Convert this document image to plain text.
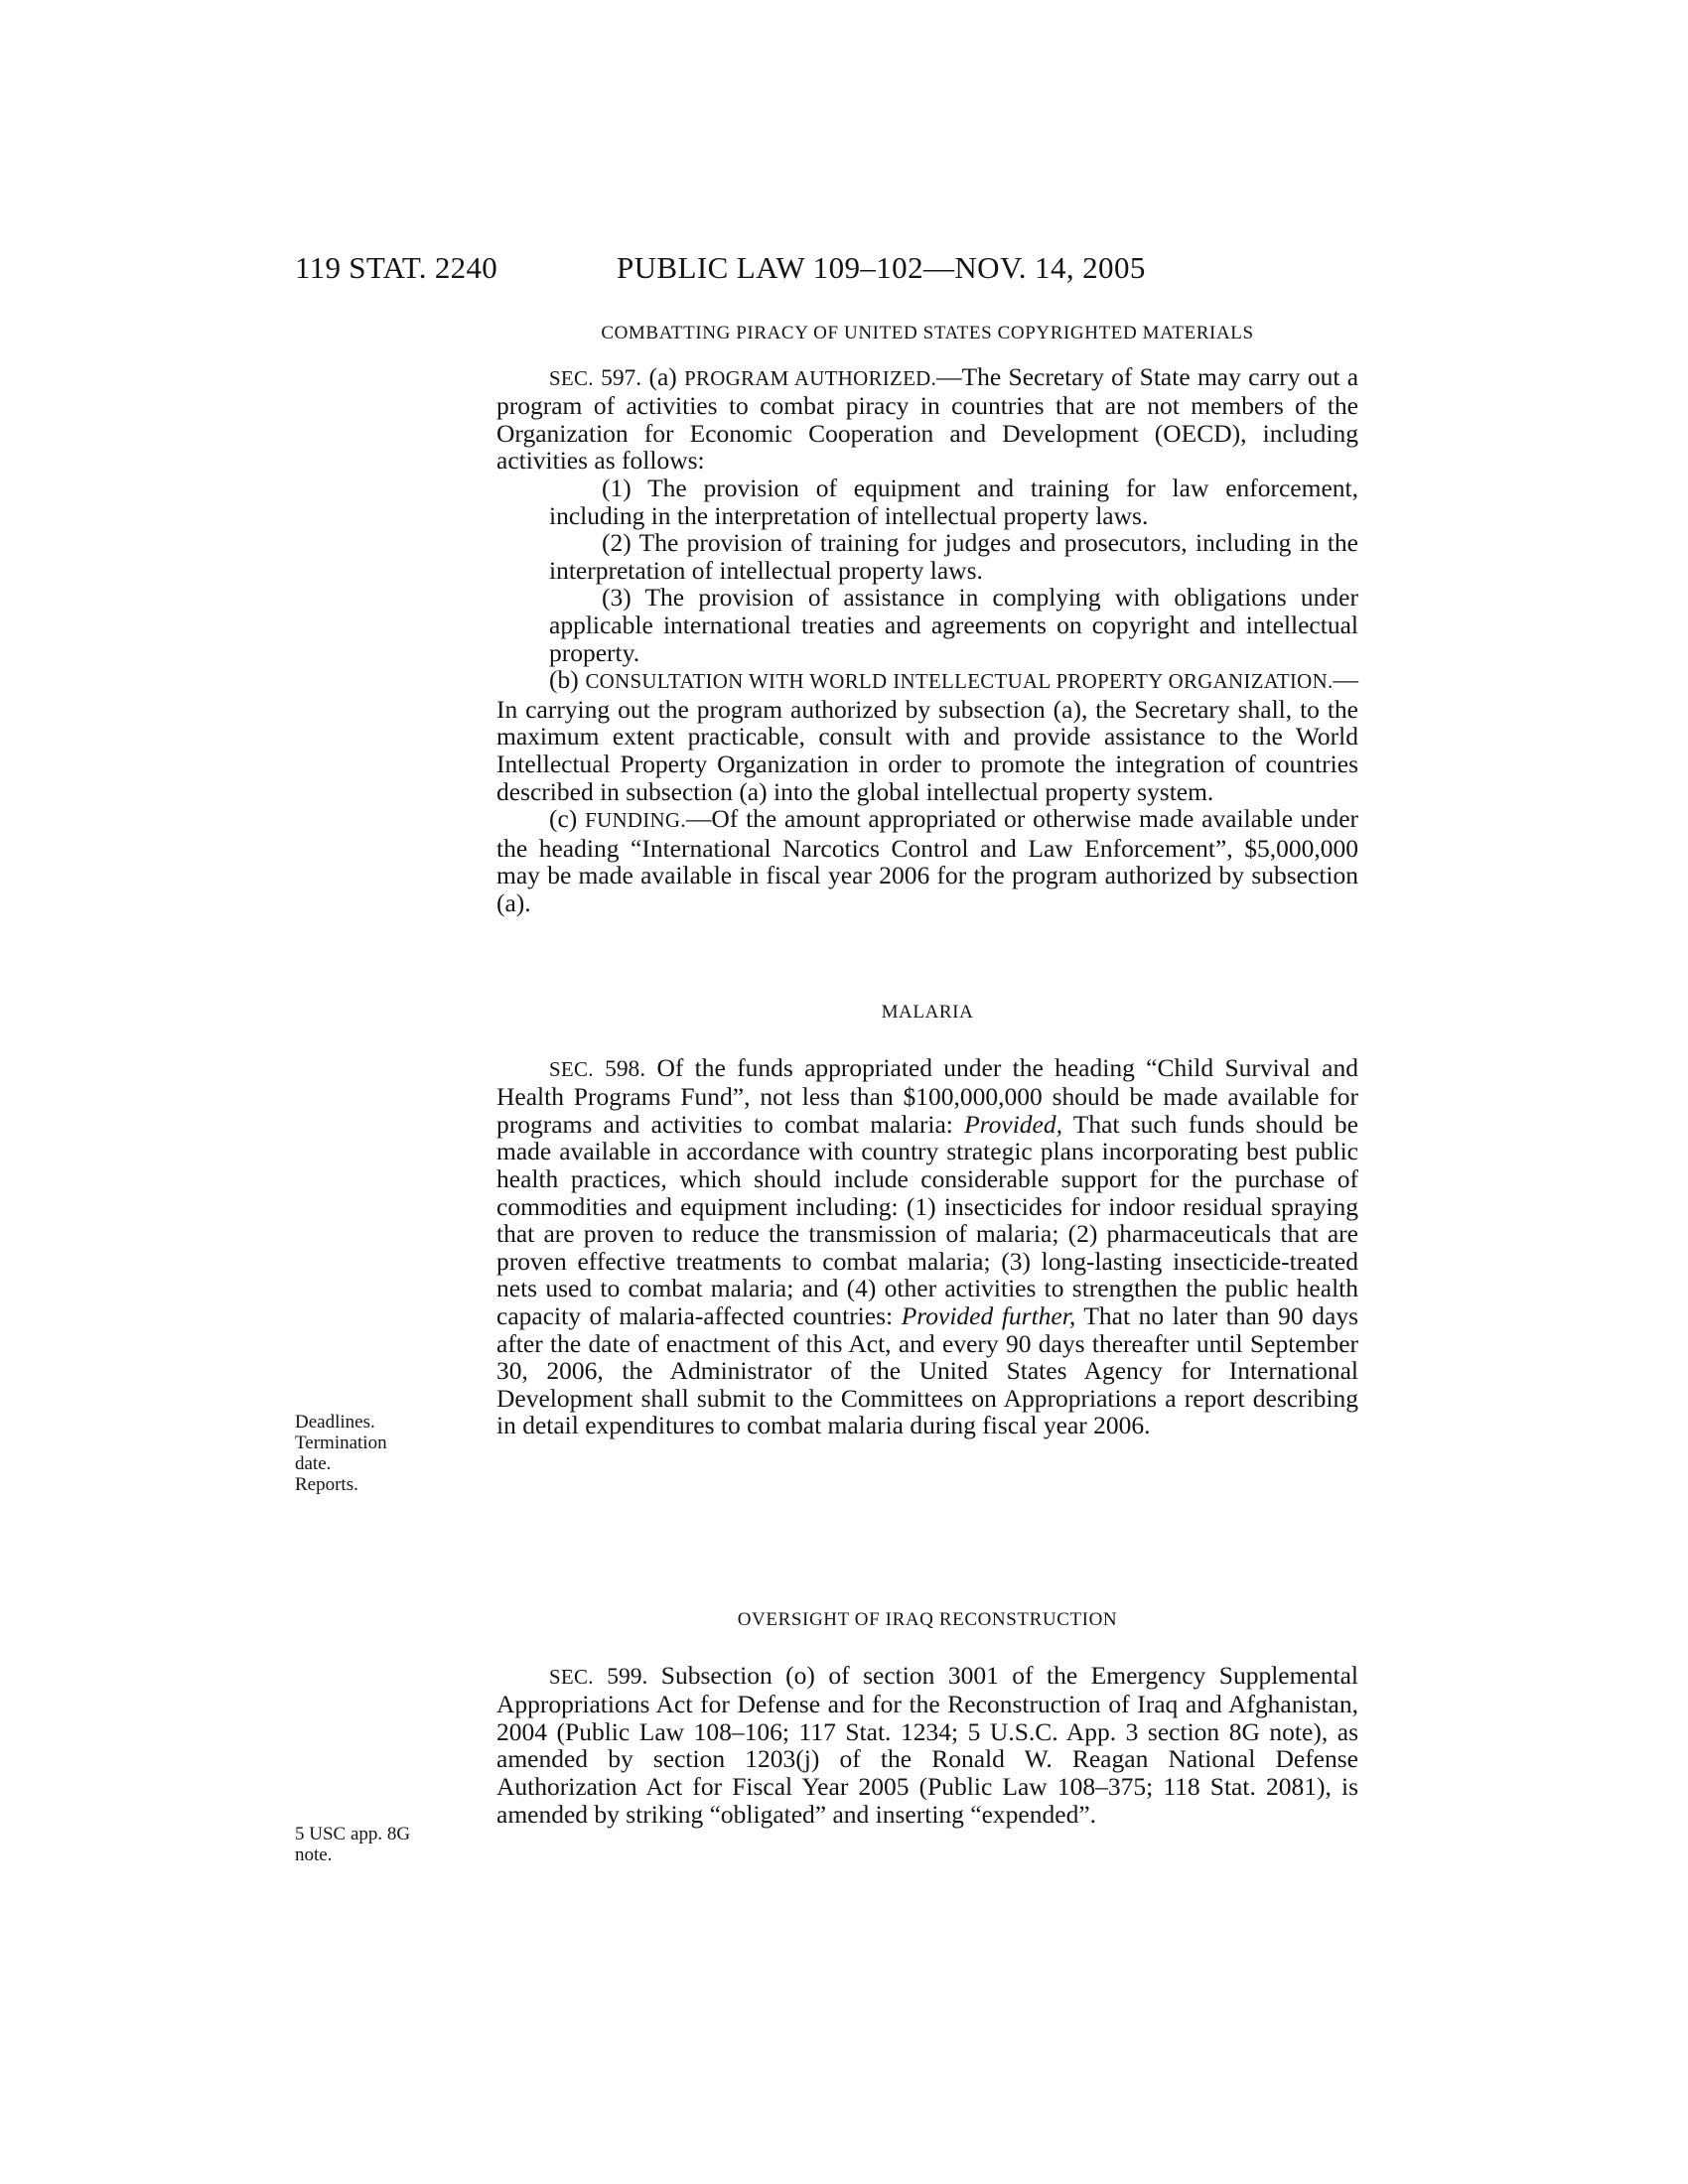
119 STAT. 2240	PUBLIC LAW 109–102—NOV. 14, 2005

COMBATTING PIRACY OF UNITED STATES COPYRIGHTED MATERIALS

SEC. 597. (a) PROGRAM AUTHORIZED.—The Secretary of State may carry out a program of activities to combat piracy in countries that are not members of the Organization for Economic Cooperation and Development (OECD), including activities as follows:

(1) The provision of equipment and training for law enforcement, including in the interpretation of intellectual property laws.

(2) The provision of training for judges and prosecutors, including in the interpretation of intellectual property laws.

(3) The provision of assistance in complying with obligations under applicable international treaties and agreements on copyright and intellectual property.

(b) CONSULTATION WITH WORLD INTELLECTUAL PROPERTY ORGANIZATION.—In carrying out the program authorized by subsection (a), the Secretary shall, to the maximum extent practicable, consult with and provide assistance to the World Intellectual Property Organization in order to promote the integration of countries described in subsection (a) into the global intellectual property system.

(c) FUNDING.—Of the amount appropriated or otherwise made available under the heading “International Narcotics Control and Law Enforcement”, $5,000,000 may be made available in fiscal year 2006 for the program authorized by subsection (a).

MALARIA

SEC. 598. Of the funds appropriated under the heading “Child Survival and Health Programs Fund”, not less than $100,000,000 should be made available for programs and activities to combat malaria: Provided, That such funds should be made available in accordance with country strategic plans incorporating best public health practices, which should include considerable support for the purchase of commodities and equipment including: (1) insecticides for indoor residual spraying that are proven to reduce the transmission of malaria; (2) pharmaceuticals that are proven effective treatments to combat malaria; (3) long-lasting insecticide-treated nets used to combat malaria; and (4) other activities to strengthen the public health capacity of malaria-affected countries: Provided further, That no later than 90 days after the date of enactment of this Act, and every 90 days thereafter until September 30, 2006, the Administrator of the United States Agency for International Development shall submit to the Committees on Appropriations a report describing in detail expenditures to combat malaria during fiscal year 2006.

OVERSIGHT OF IRAQ RECONSTRUCTION

SEC. 599. Subsection (o) of section 3001 of the Emergency Supplemental Appropriations Act for Defense and for the Reconstruction of Iraq and Afghanistan, 2004 (Public Law 108–106; 117 Stat. 1234; 5 U.S.C. App. 3 section 8G note), as amended by section 1203(j) of the Ronald W. Reagan National Defense Authorization Act for Fiscal Year 2005 (Public Law 108–375; 118 Stat. 2081), is amended by striking “obligated” and inserting “expended”.

Deadlines.
Termination
date.
Reports.
5 USC app. 8G
note.
